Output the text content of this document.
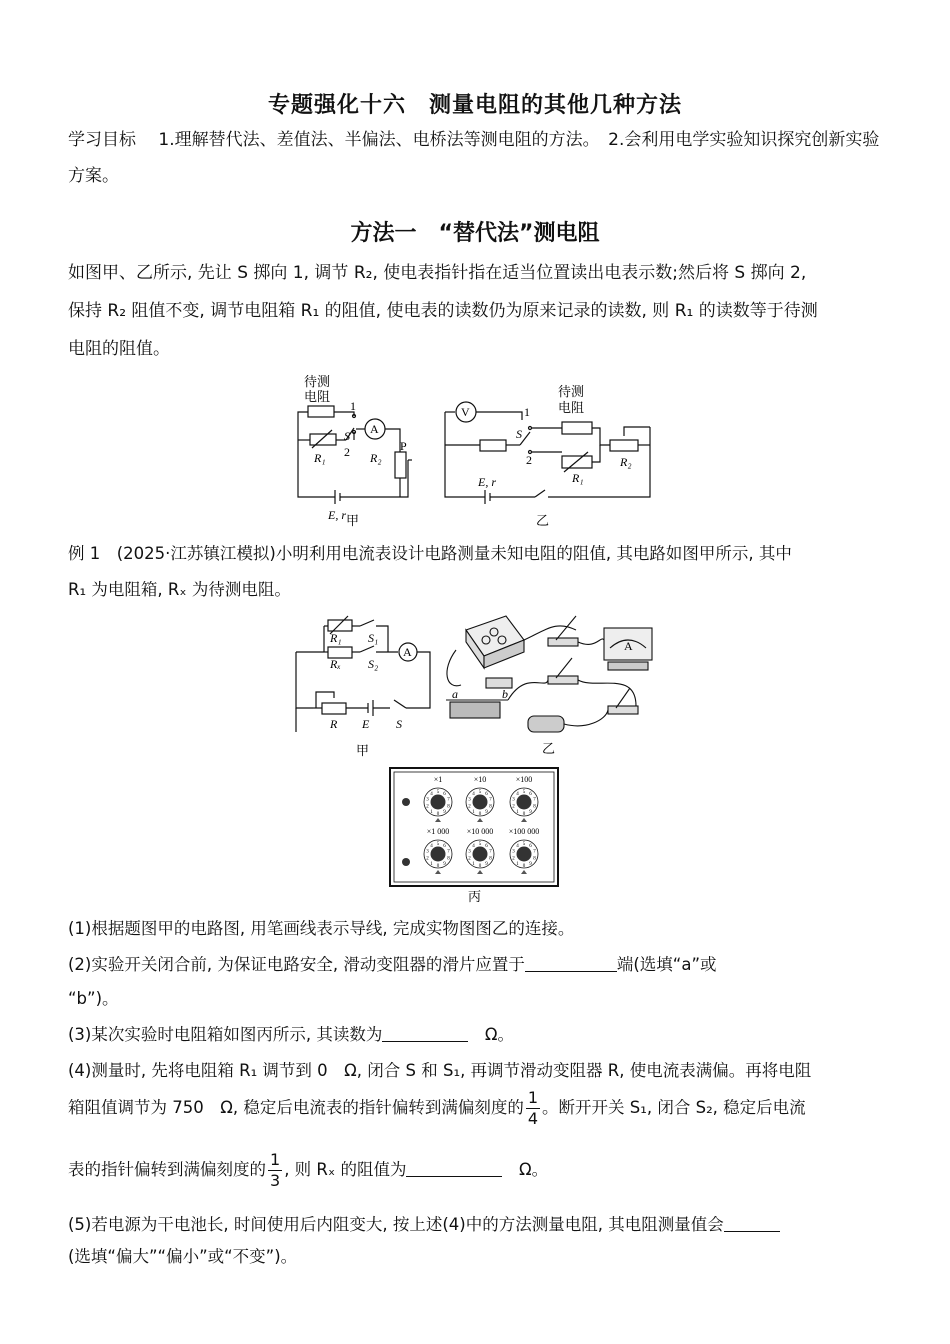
专题强化十六　测量电阻的其他几种方法
学习目标　 1.理解替代法、差值法、半偏法、电桥法等测电阻的方法。　2.会利用电学实验知识探究创新实验方案。
方法一　“替代法”测电阻
如图甲、乙所示, 先让 S 掷向 1, 调节 R₂, 使电表指针指在适当位置读出电表示数;然后将 S 掷向 2,
保持 R₂ 阻值不变, 调节电阻箱 R₁ 的阻值, 使电表的读数仍为原来记录的读数, 则 R₁ 的读数等于待测
电阻的阻值。
待测
电阻
1
S A
2
R₁	R₂
P
E, r 甲
待测
电阻
V	1
S
2
R₁
R₂
E, r
乙
例 1　(2025·江苏镇江模拟)小明利用电流表设计电路测量未知电阻的阻值, 其电路如图甲所示, 其中
R₁ 为电阻箱, Rₓ 为待测电阻。
R₁ S₁
Rₓ S₂
A
R E S
甲
a	b
A
乙
×1
0
1
2
3
4 5 6
7
8
9
×10
0
1
2
3
4 5 6
7
8
9
×100
0
1
2
3
4 5 6
7
8
9
×1 000
0
1
2
3
4 5 6
7
8
9
×10 000
0
1
2
3
4 5 6
7
8
9
×100 000
0
1
2
3
4 5 6
7
8
9
丙
(1)根据题图甲的电路图, 用笔画线表示导线, 完成实物图图乙的连接。
(2)实验开关闭合前, 为保证电路安全, 滑动变阻器的滑片应置于	端(选填“a”或
“b”)。
(3)某次实验时电阻箱如图丙所示, 其读数为　	Ω。
(4)测量时, 先将电阻箱 R₁ 调节到 0　Ω, 闭合 S 和 S₁, 再调节滑动变阻器 R, 使电流表满偏。再将电阻
箱阻值调节为 750　Ω, 稳定后电流表的指针偏转到满偏刻度的 $\frac{1}{4}$ 。断开开关 S₁, 闭合 S₂, 稳定后电流
表的指针偏转到满偏刻度的 $\frac{1}{3}$ , 则 Rₓ 的阻值为　	Ω。
(5)若电源为干电池长, 时间使用后内阻变大, 按上述(4)中的方法测量电阻, 其电阻测量值会
(选填“偏大”“偏小”或“不变”)。
